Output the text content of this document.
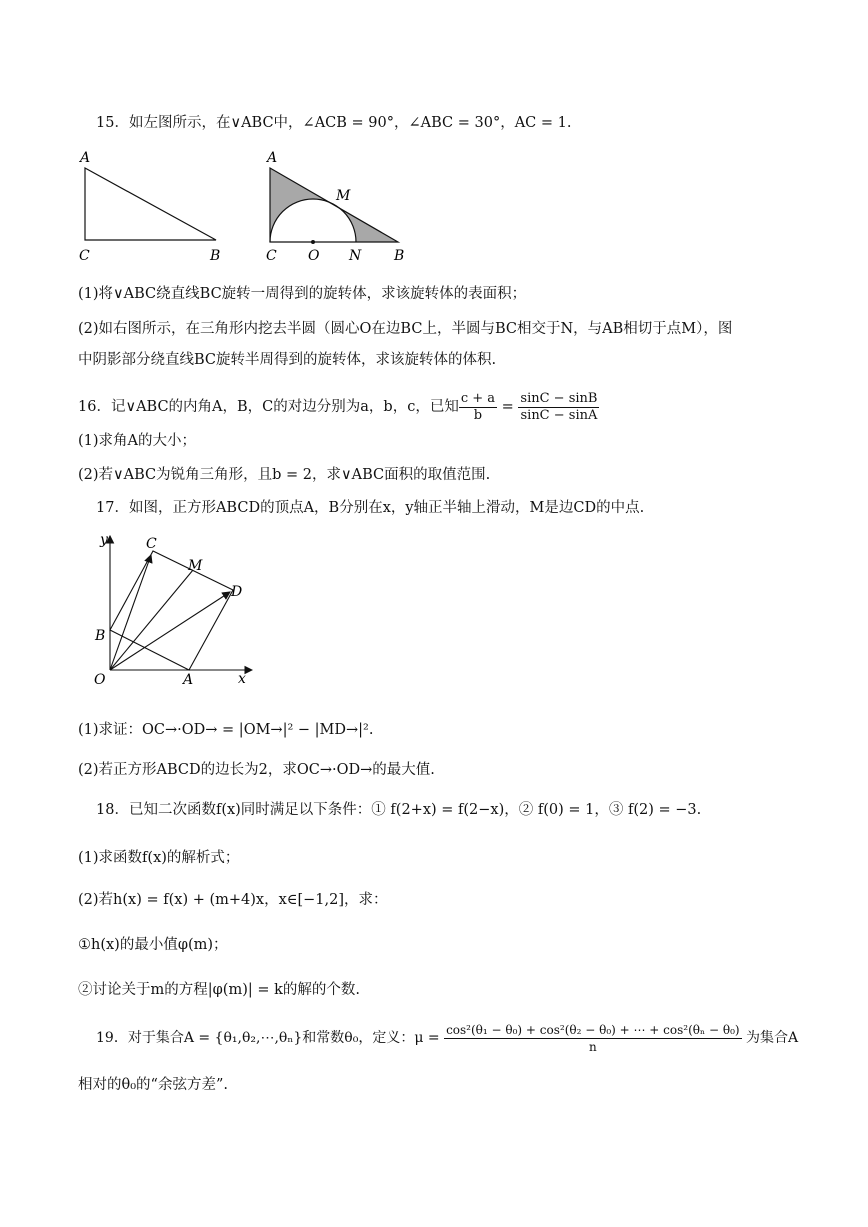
15．如左图所示，在∨ABC中，∠ACB = 90°，∠ABC = 30°，AC = 1.
A
C	B
A
M
C O N B
(1)将∨ABC绕直线BC旋转一周得到的旋转体，求该旋转体的表面积；
(2)如右图所示，在三角形内挖去半圆（圆心O在边BC上，半圆与BC相交于N，与AB相切于点M），图
中阴影部分绕直线BC旋转半周得到的旋转体，求该旋转体的体积.
16．记∨ABC的内角A，B，C的对边分别为a，b，c，已知 $\frac{c + a}{b} = \frac{\sin C - \sin B}{\sin C - \sin A}$
(1)求角A的大小；
(2)若∨ABC为锐角三角形，且b = 2，求∨ABC面积的取值范围.
17．如图，正方形ABCD的顶点A，B分别在x，y轴正半轴上滑动，M是边CD的中点.
y
x
O	A
B
C
M
D
(1)求证：OC→·OD→ = |OM→|² − |MD→|².
(2)若正方形ABCD的边长为2，求OC→·OD→的最大值.
18．已知二次函数f(x)同时满足以下条件：① f(2+x) = f(2−x)，② f(0) = 1，③ f(2) = −3.
(1)求函数f(x)的解析式；
(2)若h(x) = f(x) + (m+4)x，x∈[−1,2]，求：
①h(x)的最小值φ(m)；
②讨论关于m的方程|φ(m)| = k的解的个数.
19．对于集合A = {θ₁,θ₂,⋯,θₙ}和常数θ₀，定义：$\mu = \frac{\text{cos²(θ₁ − θ₀) + cos²(θ₂ − θ₀) + ⋯ + cos²(θₙ − θ₀)}}{n}$ 为集合A
相对的θ₀的“余弦方差”.
